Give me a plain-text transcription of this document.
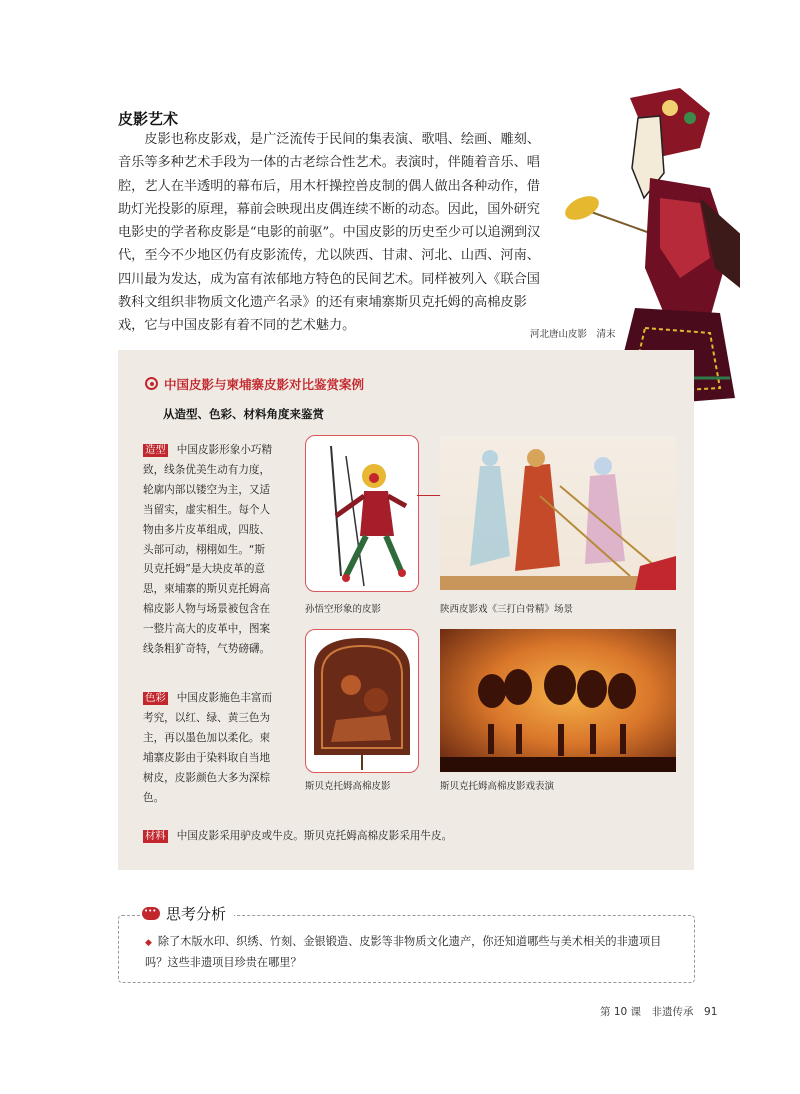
皮影艺术

皮影也称皮影戏，是广泛流传于民间的集表演、歌唱、绘画、雕刻、音乐等多种艺术手段为一体的古老综合性艺术。表演时，伴随着音乐、唱腔，艺人在半透明的幕布后，用木杆操控兽皮制的偶人做出各种动作，借助灯光投影的原理，幕前会映现出皮偶连续不断的动态。因此，国外研究电影史的学者称皮影是“电影的前驱”。中国皮影的历史至少可以追溯到汉代，至今不少地区仍有皮影流传，尤以陕西、甘肃、河北、山西、河南、四川最为发达，成为富有浓郁地方特色的民间艺术。同样被列入《联合国教科文组织非物质文化遗产名录》的还有柬埔寨斯贝克托姆的高棉皮影戏，它与中国皮影有着不同的艺术魅力。

河北唐山皮影　清末
中国皮影与柬埔寨皮影对比鉴赏案例
从造型、色彩、材料角度来鉴赏

造型 中国皮影形象小巧精致，线条优美生动有力度，轮廓内部以镂空为主，又适当留实，虚实相生。每个人物由多片皮革组成，四肢、头部可动，栩栩如生。“斯贝克托姆”是大块皮革的意思，柬埔寨的斯贝克托姆高棉皮影人物与场景被包含在一整片高大的皮革中，图案线条粗犷奇特，气势磅礴。

色彩 中国皮影施色丰富而考究，以红、绿、黄三色为主，再以墨色加以柔化。柬埔寨皮影由于染料取自当地树皮，皮影颜色大多为深棕色。

材料 中国皮影采用驴皮或牛皮。斯贝克托姆高棉皮影采用牛皮。
孙悟空形象的皮影	陕西皮影戏《三打白骨精》场景
斯贝克托姆高棉皮影	斯贝克托姆高棉皮影戏表演
•••思考分析

◆ 除了木版水印、织绣、竹刻、金银锻造、皮影等非物质文化遗产，你还知道哪些与美术相关的非遗项目吗？这些非遗项目珍贵在哪里？

第 10 课　非遗传承　91
